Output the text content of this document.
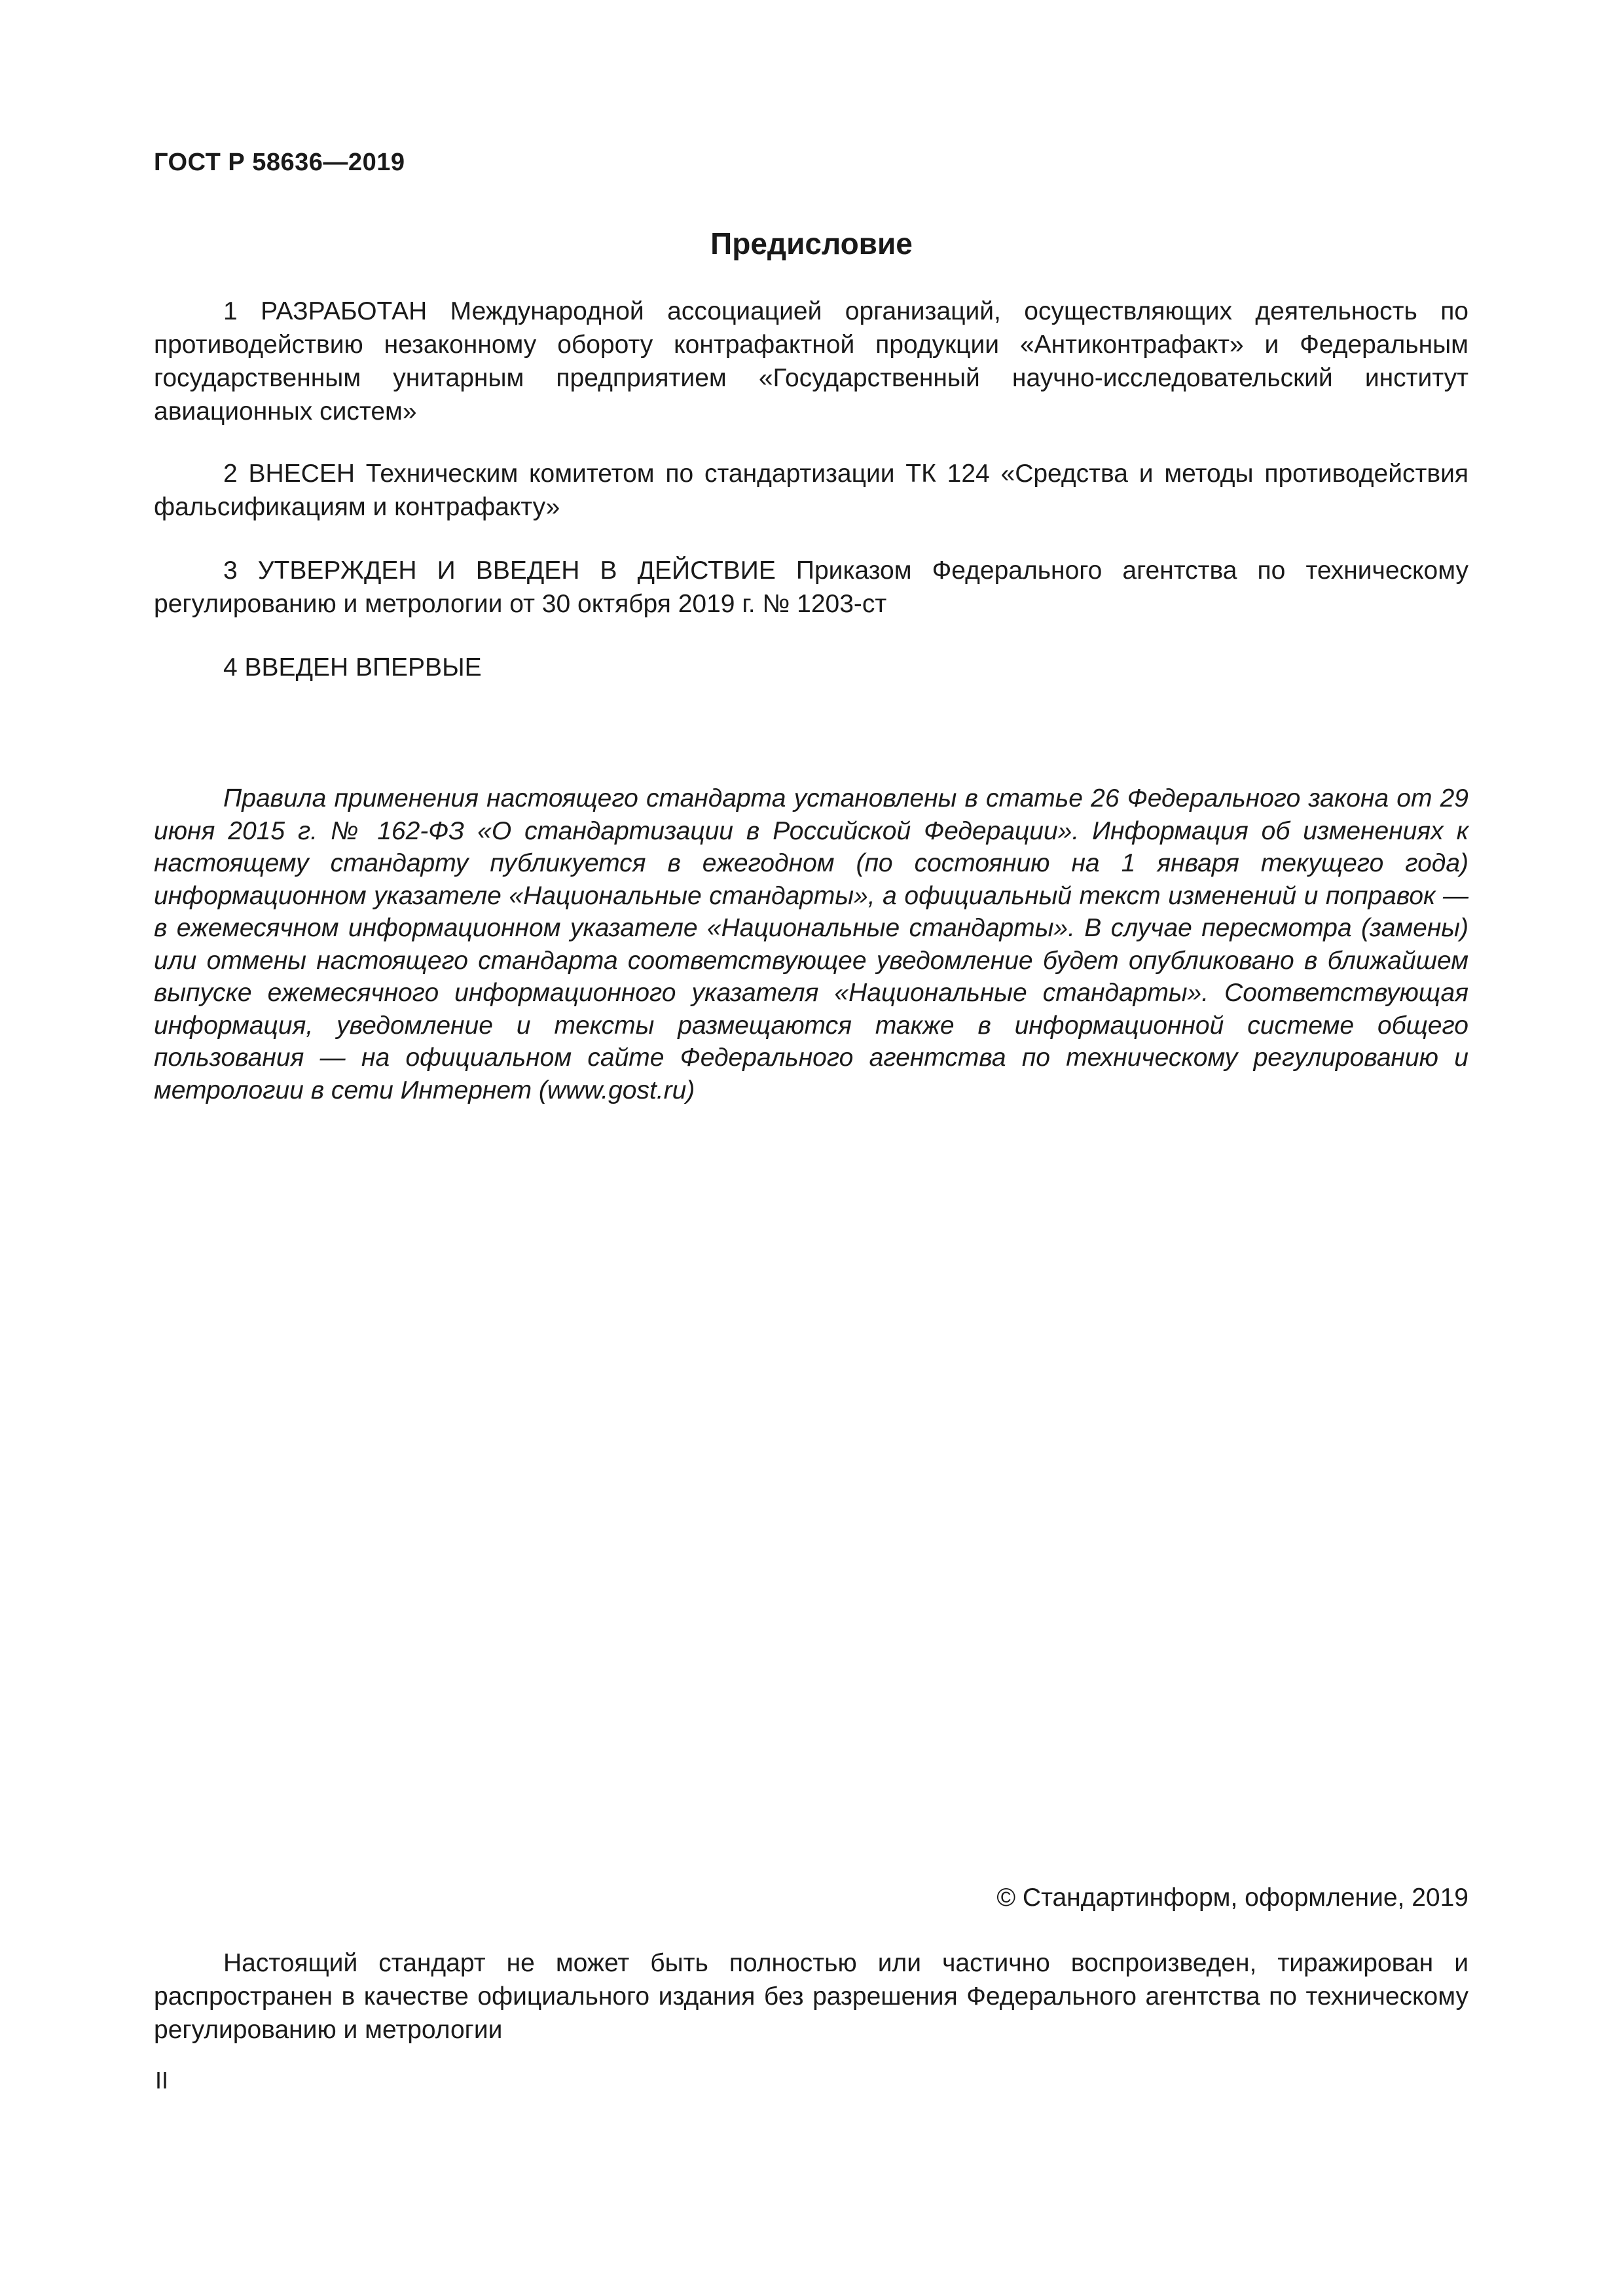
ГОСТ Р 58636—2019
Предисловие
1 РАЗРАБОТАН Международной ассоциацией организаций, осуществляющих деятельность по противодействию незаконному обороту контрафактной продукции «Антиконтрафакт» и Федеральным государственным унитарным предприятием «Государственный научно-исследовательский институт авиационных систем»
2 ВНЕСЕН Техническим комитетом по стандартизации ТК 124 «Средства и методы противодействия фальсификациям и контрафакту»
3 УТВЕРЖДЕН И ВВЕДЕН В ДЕЙСТВИЕ Приказом Федерального агентства по техническому регулированию и метрологии от 30 октября 2019 г. № 1203-ст
4 ВВЕДЕН ВПЕРВЫЕ
Правила применения настоящего стандарта установлены в статье 26 Федерального закона от 29 июня 2015 г. № 162-ФЗ «О стандартизации в Российской Федерации». Информация об изменениях к настоящему стандарту публикуется в ежегодном (по состоянию на 1 января текущего года) информационном указателе «Национальные стандарты», а официальный текст изменений и поправок — в ежемесячном информационном указателе «Национальные стандарты». В случае пересмотра (замены) или отмены настоящего стандарта соответствующее уведомление будет опубликовано в ближайшем выпуске ежемесячного информационного указателя «Национальные стандарты». Соответствующая информация, уведомление и тексты размещаются также в информационной системе общего пользования — на официальном сайте Федерального агентства по техническому регулированию и метрологии в сети Интернет (www.gost.ru)
© Стандартинформ, оформление, 2019
Настоящий стандарт не может быть полностью или частично воспроизведен, тиражирован и распространен в качестве официального издания без разрешения Федерального агентства по техническому регулированию и метрологии
II
